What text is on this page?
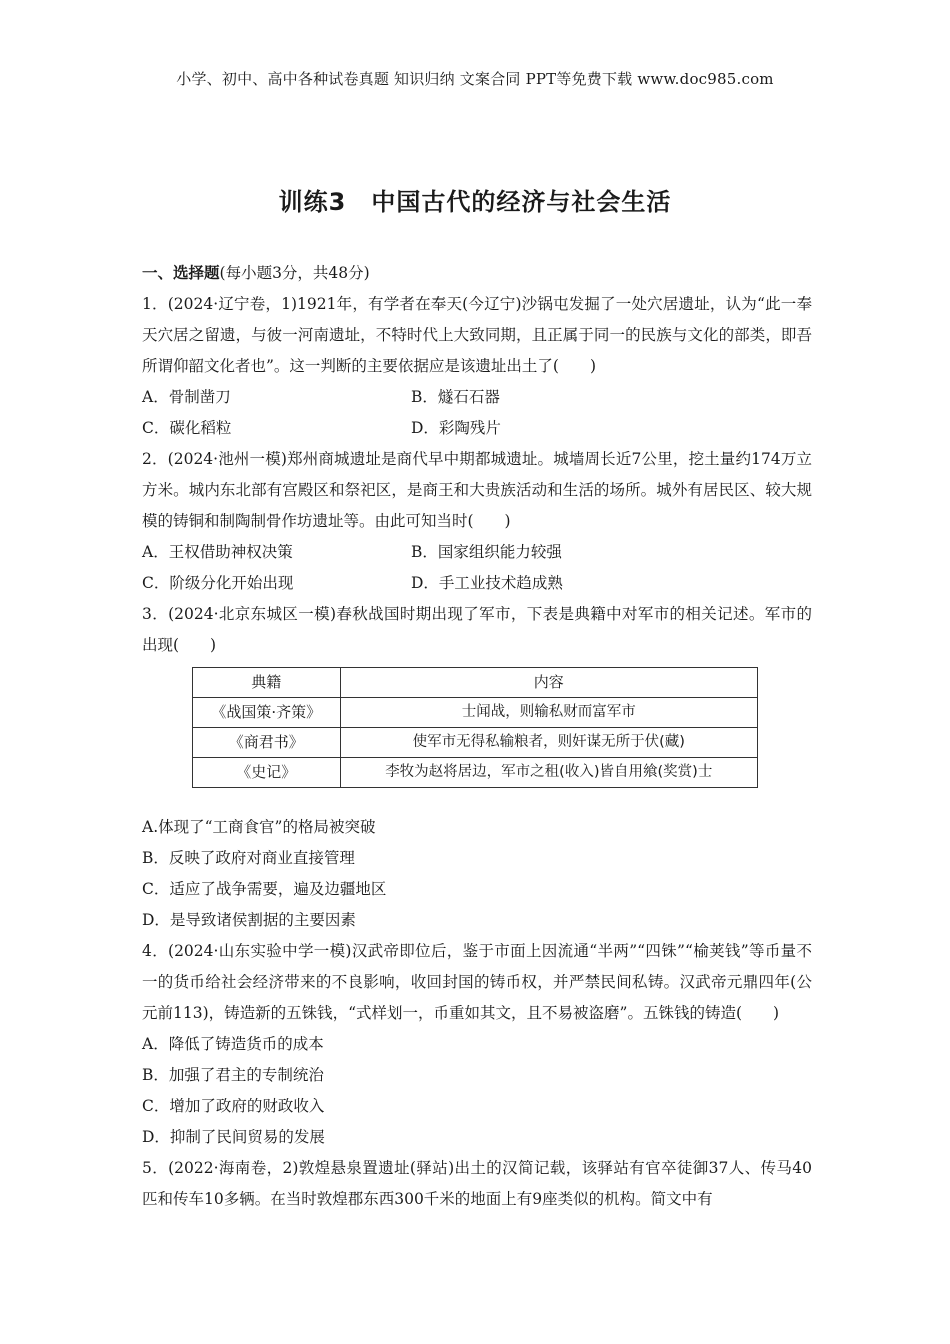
小学、初中、高中各种试卷真题 知识归纳 文案合同 PPT等免费下载 www.doc985.com
训练3　中国古代的经济与社会生活
一、选择题(每小题3分，共48分)
1．(2024·辽宁卷，1)1921年，有学者在奉天(今辽宁)沙锅屯发掘了一处穴居遗址，认为“此一奉天穴居之留遗，与彼一河南遗址，不特时代上大致同期，且正属于同一的民族与文化的部类，即吾所谓仰韶文化者也”。这一判断的主要依据应是该遗址出土了(　　)
A．骨制凿刀	B．燧石石器
C．碳化稻粒	D．彩陶残片
2．(2024·池州一模)郑州商城遗址是商代早中期都城遗址。城墙周长近7公里，挖土量约174万立方米。城内东北部有宫殿区和祭祀区，是商王和大贵族活动和生活的场所。城外有居民区、较大规模的铸铜和制陶制骨作坊遗址等。由此可知当时(　　)
A．王权借助神权决策	B．国家组织能力较强
C．阶级分化开始出现	D．手工业技术趋成熟
3．(2024·北京东城区一模)春秋战国时期出现了军市，下表是典籍中对军市的相关记述。军市的出现(　　)
典籍	内容
《战国策·齐策》	士闻战，则输私财而富军市
《商君书》	使军市无得私输粮者，则奸谋无所于伏(藏)
《史记》	李牧为赵将居边，军市之租(收入)皆自用飨(奖赏)士
A.体现了“工商食官”的格局被突破
B．反映了政府对商业直接管理
C．适应了战争需要，遍及边疆地区
D．是导致诸侯割据的主要因素
4．(2024·山东实验中学一模)汉武帝即位后，鉴于市面上因流通“半两”“四铢”“榆荚钱”等币量不一的货币给社会经济带来的不良影响，收回封国的铸币权，并严禁民间私铸。汉武帝元鼎四年(公元前113)，铸造新的五铢钱，“式样划一，币重如其文，且不易被盗磨”。五铢钱的铸造(　　)
A．降低了铸造货币的成本
B．加强了君主的专制统治
C．增加了政府的财政收入
D．抑制了民间贸易的发展
5．(2022·海南卷，2)敦煌悬泉置遗址(驿站)出土的汉简记载，该驿站有官卒徒御37人、传马40匹和传车10多辆。在当时敦煌郡东西300千米的地面上有9座类似的机构。简文中有
